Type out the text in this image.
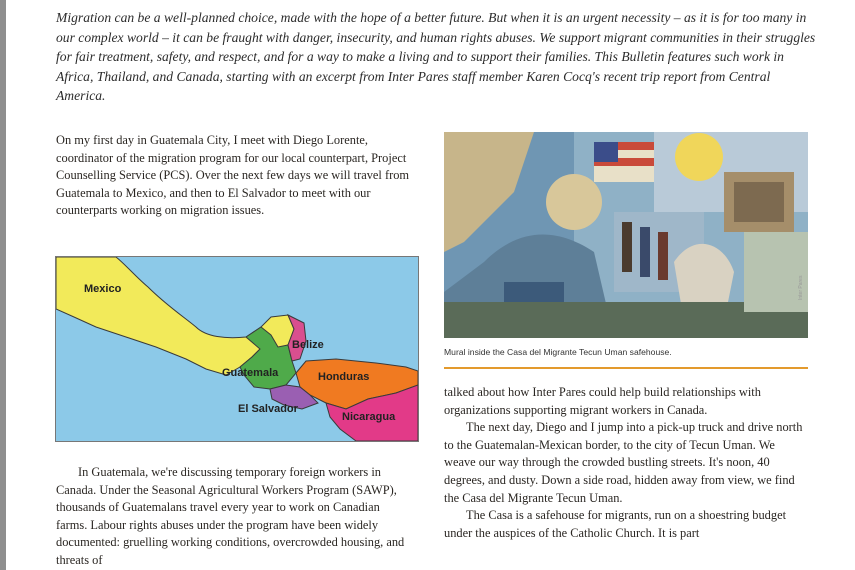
Migration can be a well-planned choice, made with the hope of a better future. But when it is an urgent necessity – as it is for too many in our complex world – it can be fraught with danger, insecurity, and human rights abuses. We support migrant communities in their struggles for fair treatment, safety, and respect, and for a way to make a living and to support their families. This Bulletin features such work in Africa, Thailand, and Canada, starting with an excerpt from Inter Pares staff member Karen Cocq's recent trip report from Central America.

On my first day in Guatemala City, I meet with Diego Lorente, coordinator of the migration program for our local counterpart, Project Counselling Service (PCS). Over the next few days we will travel from Guatemala to Mexico, and then to El Salvador to meet with our counterparts working on migration issues.

Mexico
Belize
Guatemala	Honduras
El Salvador
Nicaragua

In Guatemala, we're discussing temporary foreign workers in Canada. Under the Seasonal Agricultural Workers Program (SAWP), thousands of Guatemalans travel every year to work on Canadian farms. Labour rights abuses under the program have been widely documented: gruelling working conditions, overcrowded housing, and threats of

Inter Pares

Mural inside the Casa del Migrante Tecun Uman safehouse.

talked about how Inter Pares could help build relationships with organizations supporting migrant workers in Canada.

The next day, Diego and I jump into a pick-up truck and drive north to the Guatemalan-Mexican border, to the city of Tecun Uman. We weave our way through the crowded bustling streets. It's noon, 40 degrees, and dusty. Down a side road, hidden away from view, we find the Casa del Migrante Tecun Uman.

The Casa is a safehouse for migrants, run on a shoestring budget under the auspices of the Catholic Church. It is part
